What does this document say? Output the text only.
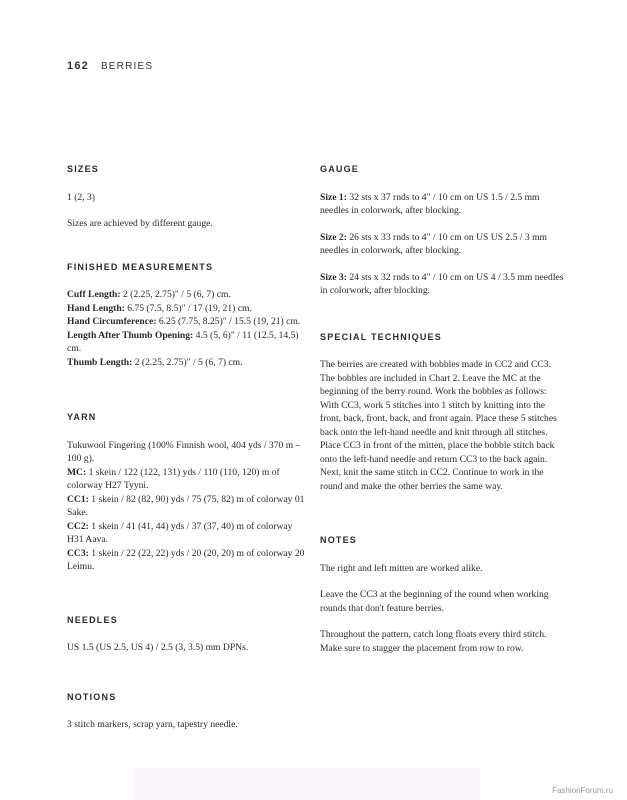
162 BERRIES
SIZES

1 (2, 3)

Sizes are achieved by different gauge.

FINISHED MEASUREMENTS

Cuff Length: 2 (2.25, 2.75)" / 5 (6, 7) cm.
Hand Length: 6.75 (7.5, 8.5)" / 17 (19, 21) cm.
Hand Circumference: 6.25 (7.75, 8.25)" / 15.5 (19, 21) cm.
Length After Thumb Opening: 4.5 (5, 6)" / 11 (12.5, 14.5) cm.
Thumb Length: 2 (2.25, 2.75)" / 5 (6, 7) cm.

YARN

Tukuwool Fingering (100% Finnish wool, 404 yds / 370 m – 100 g).
MC: 1 skein / 122 (122, 131) yds / 110 (110, 120) m of colorway H27 Tyyni.
CC1: 1 skein / 82 (82, 90) yds / 75 (75, 82) m of colorway 01 Sake.
CC2: 1 skein / 41 (41, 44) yds / 37 (37, 40) m of colorway H31 Aava.
CC3: 1 skein / 22 (22, 22) yds / 20 (20, 20) m of colorway 20 Leimu.

NEEDLES

US 1.5 (US 2.5, US 4) / 2.5 (3, 3.5) mm DPNs.

NOTIONS

3 stitch markers, scrap yarn, tapestry needle.

GAUGE

Size 1: 32 sts x 37 rnds to 4" / 10 cm on US 1.5 / 2.5 mm needles in colorwork, after blocking.

Size 2: 26 sts x 33 rnds to 4" / 10 cm on US US 2.5 / 3 mm needles in colorwork, after blocking.

Size 3: 24 sts x 32 rnds to 4" / 10 cm on US 4 / 3.5 mm needles in colorwork, after blocking.

SPECIAL TECHNIQUES

The berries are created with bobbles made in CC2 and CC3. The bobbles are included in Chart 2. Leave the MC at the beginning of the berry round. Work the bobbles as follows: With CC3, work 5 stitches into 1 stitch by knitting into the front, back, front, back, and front again. Place these 5 stitches back onto the left-hand needle and knit through all stitches. Place CC3 in front of the mitten, place the bobble stitch back onto the left-hand needle and return CC3 to the back again. Next, knit the same stitch in CC2. Continue to work in the round and make the other berries the same way.

NOTES

The right and left mitten are worked alike.

Leave the CC3 at the beginning of the round when working rounds that don't feature berries.

Throughout the pattern, catch long floats every third stitch. Make sure to stagger the placement from row to row.

FashionForum.ru
